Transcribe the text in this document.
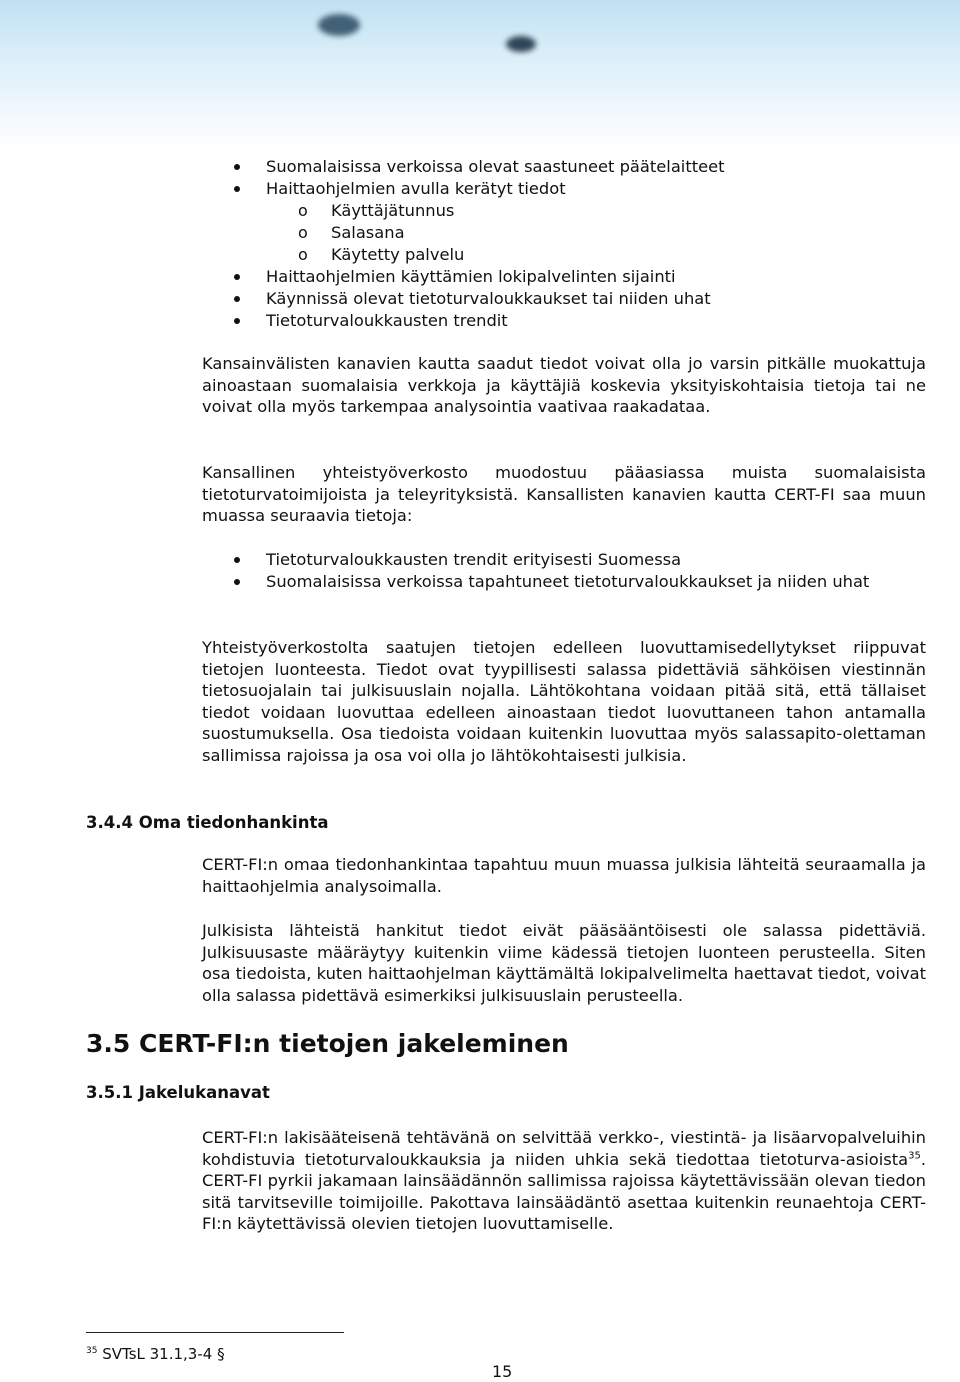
Suomalaisissa verkoissa olevat saastuneet päätelaitteet
Haittaohjelmien avulla kerätyt tiedot
o Käyttäjätunnus
o Salasana
o Käytetty palvelu
Haittaohjelmien käyttämien lokipalvelinten sijainti
Käynnissä olevat tietoturvaloukkaukset tai niiden uhat
Tietoturvaloukkausten trendit

Kansainvälisten kanavien kautta saadut tiedot voivat olla jo varsin pitkälle muokattuja ainoastaan suomalaisia verkkoja ja käyttäjiä koskevia yksityiskohtaisia tietoja tai ne voivat olla myös tarkempaa analysointia vaativaa raakadataa.

Kansallinen yhteistyöverkosto muodostuu pääasiassa muista suomalaisista tietoturvatoimijoista ja teleyrityksistä. Kansallisten kanavien kautta CERT-FI saa muun muassa seuraavia tietoja:

Tietoturvaloukkausten trendit erityisesti Suomessa
Suomalaisissa verkoissa tapahtuneet tietoturvaloukkaukset ja niiden uhat

Yhteistyöverkostolta saatujen tietojen edelleen luovuttamisedellytykset riippuvat tietojen luonteesta. Tiedot ovat tyypillisesti salassa pidettäviä sähköisen viestinnän tietosuojalain tai julkisuuslain nojalla. Lähtökohtana voidaan pitää sitä, että tällaiset tiedot voidaan luovuttaa edelleen ainoastaan tiedot luovuttaneen tahon antamalla suostumuksella. Osa tiedoista voidaan kuitenkin luovuttaa myös salassapito-olettaman sallimissa rajoissa ja osa voi olla jo lähtökohtaisesti julkisia.

3.4.4 Oma tiedonhankinta

CERT-FI:n omaa tiedonhankintaa tapahtuu muun muassa julkisia lähteitä seuraamalla ja haittaohjelmia analysoimalla.

Julkisista lähteistä hankitut tiedot eivät pääsääntöisesti ole salassa pidettäviä. Julkisuusaste määräytyy kuitenkin viime kädessä tietojen luonteen perusteella. Siten osa tiedoista, kuten haittaohjelman käyttämältä lokipalvelimelta haettavat tiedot, voivat olla salassa pidettävä esimerkiksi julkisuuslain perusteella.

3.5 CERT-FI:n tietojen jakeleminen
3.5.1 Jakelukanavat

CERT-FI:n lakisääteisenä tehtävänä on selvittää verkko-, viestintä- ja lisäarvopalveluihin kohdistuvia tietoturvaloukkauksia ja niiden uhkia sekä tiedottaa tietoturva-asioista$^{35}$. CERT-FI pyrkii jakamaan lainsäädännön sallimissa rajoissa käytettävissään olevan tiedon sitä tarvitseville toimijoille. Pakottava lainsäädäntö asettaa kuitenkin reunaehtoja CERT-FI:n käytettävissä olevien tietojen luovuttamiselle.

$^{35}$ SVTsL 31.1,3-4 §
15
